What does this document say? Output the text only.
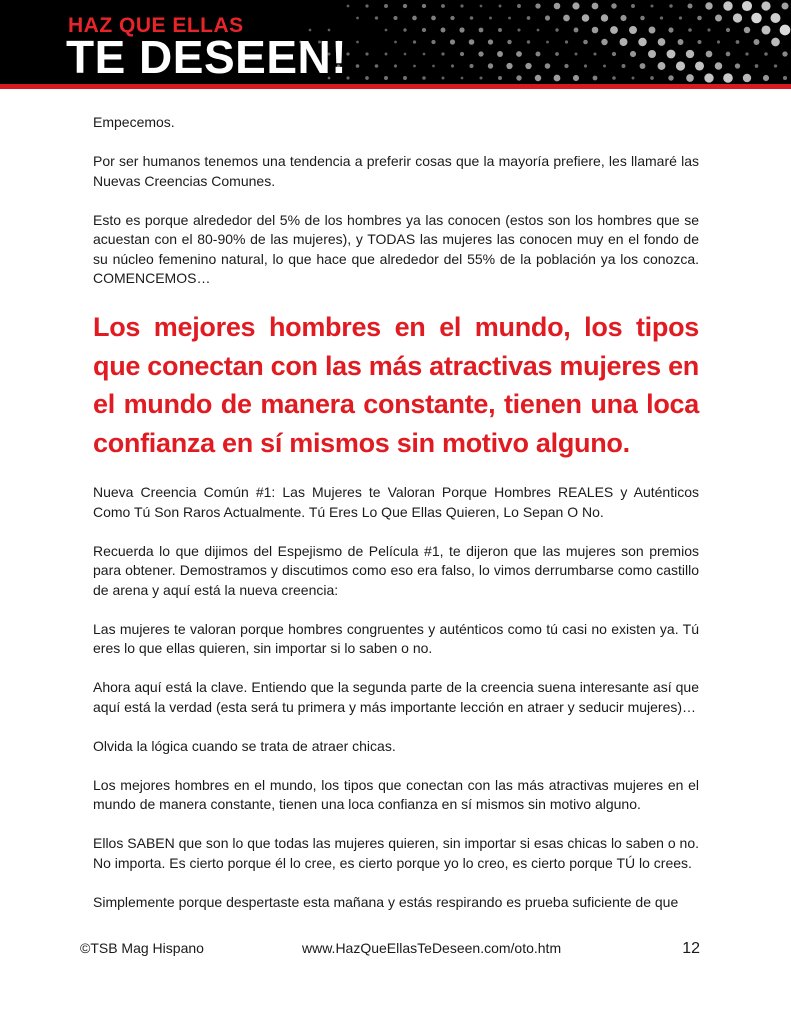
HAZ QUE ELLAS
TE DESEEN!

Empecemos.

Por ser humanos tenemos una tendencia a preferir cosas que la mayoría prefiere, les llamaré las Nuevas Creencias Comunes.

Esto es porque alrededor del 5% de los hombres ya las conocen (estos son los hombres que se acuestan con el 80-90% de las mujeres), y TODAS las mujeres las conocen muy en el fondo de su núcleo femenino natural, lo que hace que alrededor del 55% de la población ya los conozca. COMENCEMOS…

Los mejores hombres en el mundo, los tipos que conectan con las más atractivas mujeres en el mundo de manera constante, tienen una loca confianza en sí mismos sin motivo alguno.

Nueva Creencia Común #1: Las Mujeres te Valoran Porque Hombres REALES y Auténticos Como Tú Son Raros Actualmente. Tú Eres Lo Que Ellas Quieren, Lo Sepan O No.

Recuerda lo que dijimos del Espejismo de Película #1, te dijeron que las mujeres son premios para obtener. Demostramos y discutimos como eso era falso, lo vimos derrumbarse como castillo de arena y aquí está la nueva creencia:

Las mujeres te valoran porque hombres congruentes y auténticos como tú casi no existen ya. Tú eres lo que ellas quieren, sin importar si lo saben o no.

Ahora aquí está la clave. Entiendo que la segunda parte de la creencia suena interesante así que aquí está la verdad (esta será tu primera y más importante lección en atraer y seducir mujeres)…

Olvida la lógica cuando se trata de atraer chicas.

Los mejores hombres en el mundo, los tipos que conectan con las más atractivas mujeres en el mundo de manera constante, tienen una loca confianza en sí mismos sin motivo alguno.

Ellos SABEN que son lo que todas las mujeres quieren, sin importar si esas chicas lo saben o no. No importa. Es cierto porque él lo cree, es cierto porque yo lo creo, es cierto porque TÚ lo crees.

Simplemente porque despertaste esta mañana y estás respirando es prueba suficiente de que

©TSB Mag Hispano	www.HazQueEllasTeDeseen.com/oto.htm	12
